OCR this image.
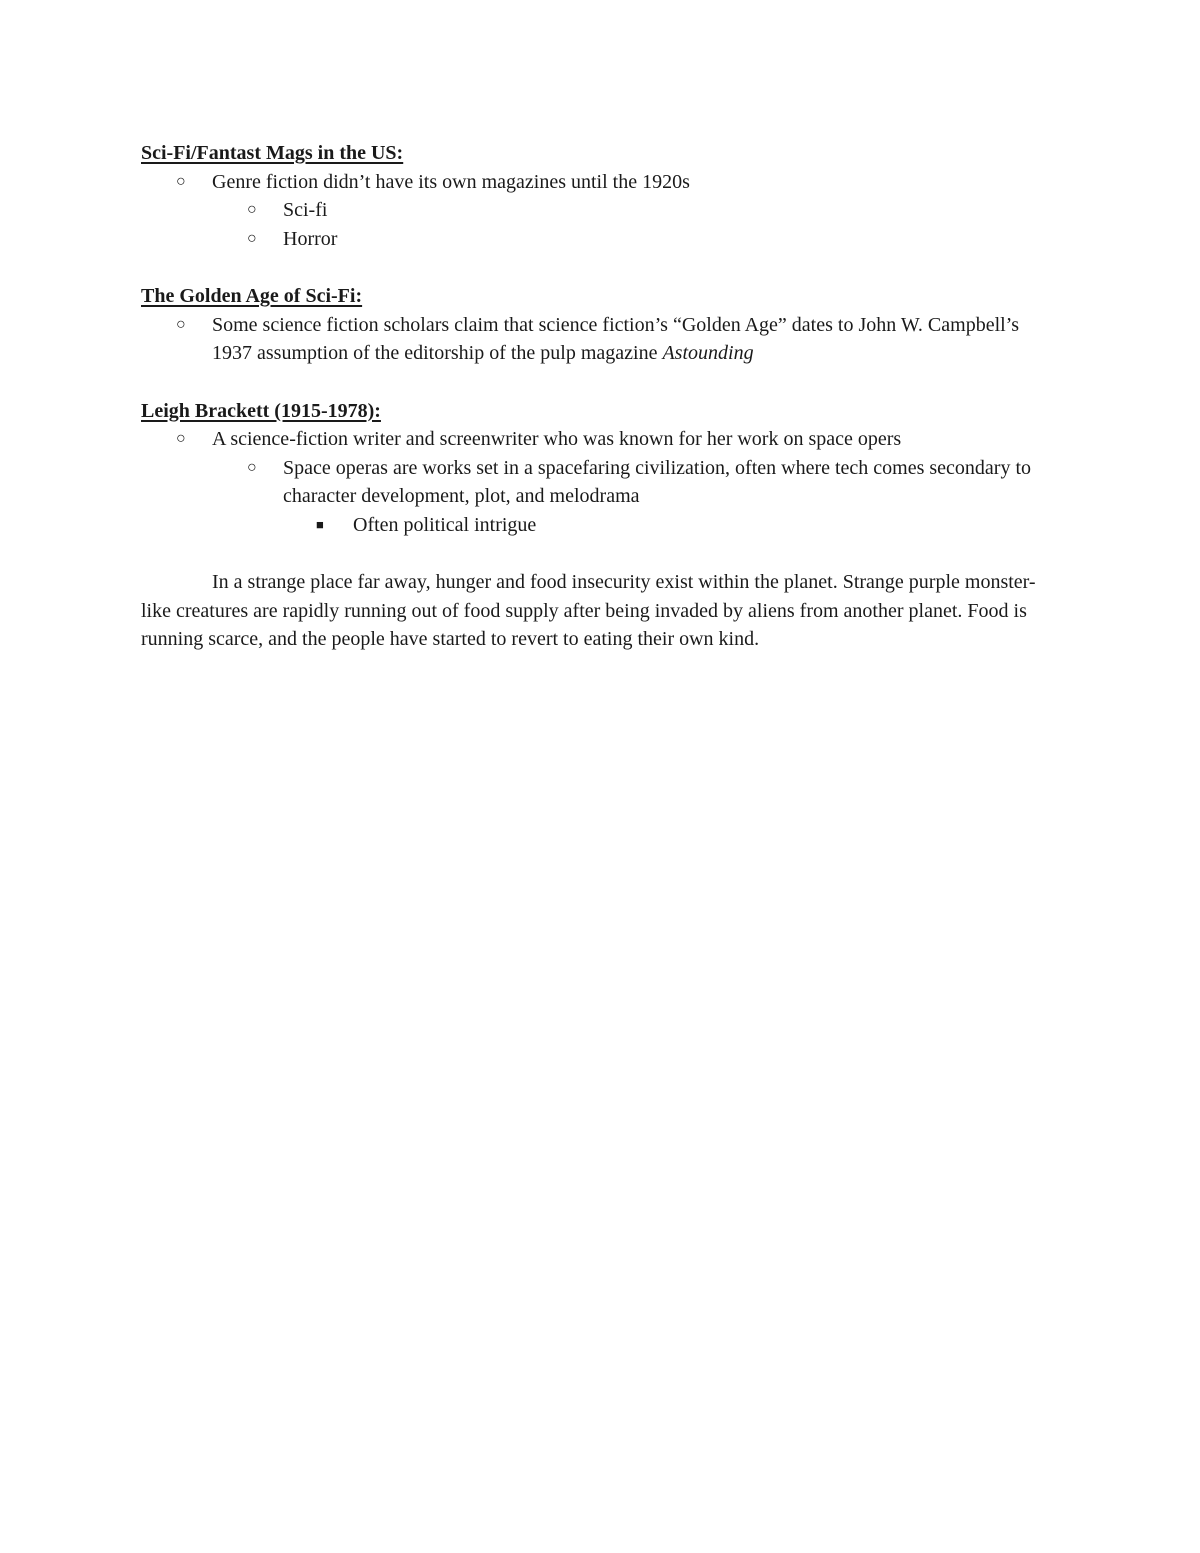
Sci-Fi/Fantast Mags in the US:

○ Genre fiction didn’t have its own magazines until the 1920s
○ Sci-fi
○ Horror

The Golden Age of Sci-Fi:

○ Some science fiction scholars claim that science fiction’s “Golden Age” dates to John W. Campbell’s 1937 assumption of the editorship of the pulp magazine Astounding

Leigh Brackett (1915-1978):

○ A science-fiction writer and screenwriter who was known for her work on space opers
○ Space operas are works set in a spacefaring civilization, often where tech comes secondary to character development, plot, and melodrama
■ Often political intrigue

In a strange place far away, hunger and food insecurity exist within the planet. Strange purple monster-like creatures are rapidly running out of food supply after being invaded by aliens from another planet. Food is running scarce, and the people have started to revert to eating their own kind.
